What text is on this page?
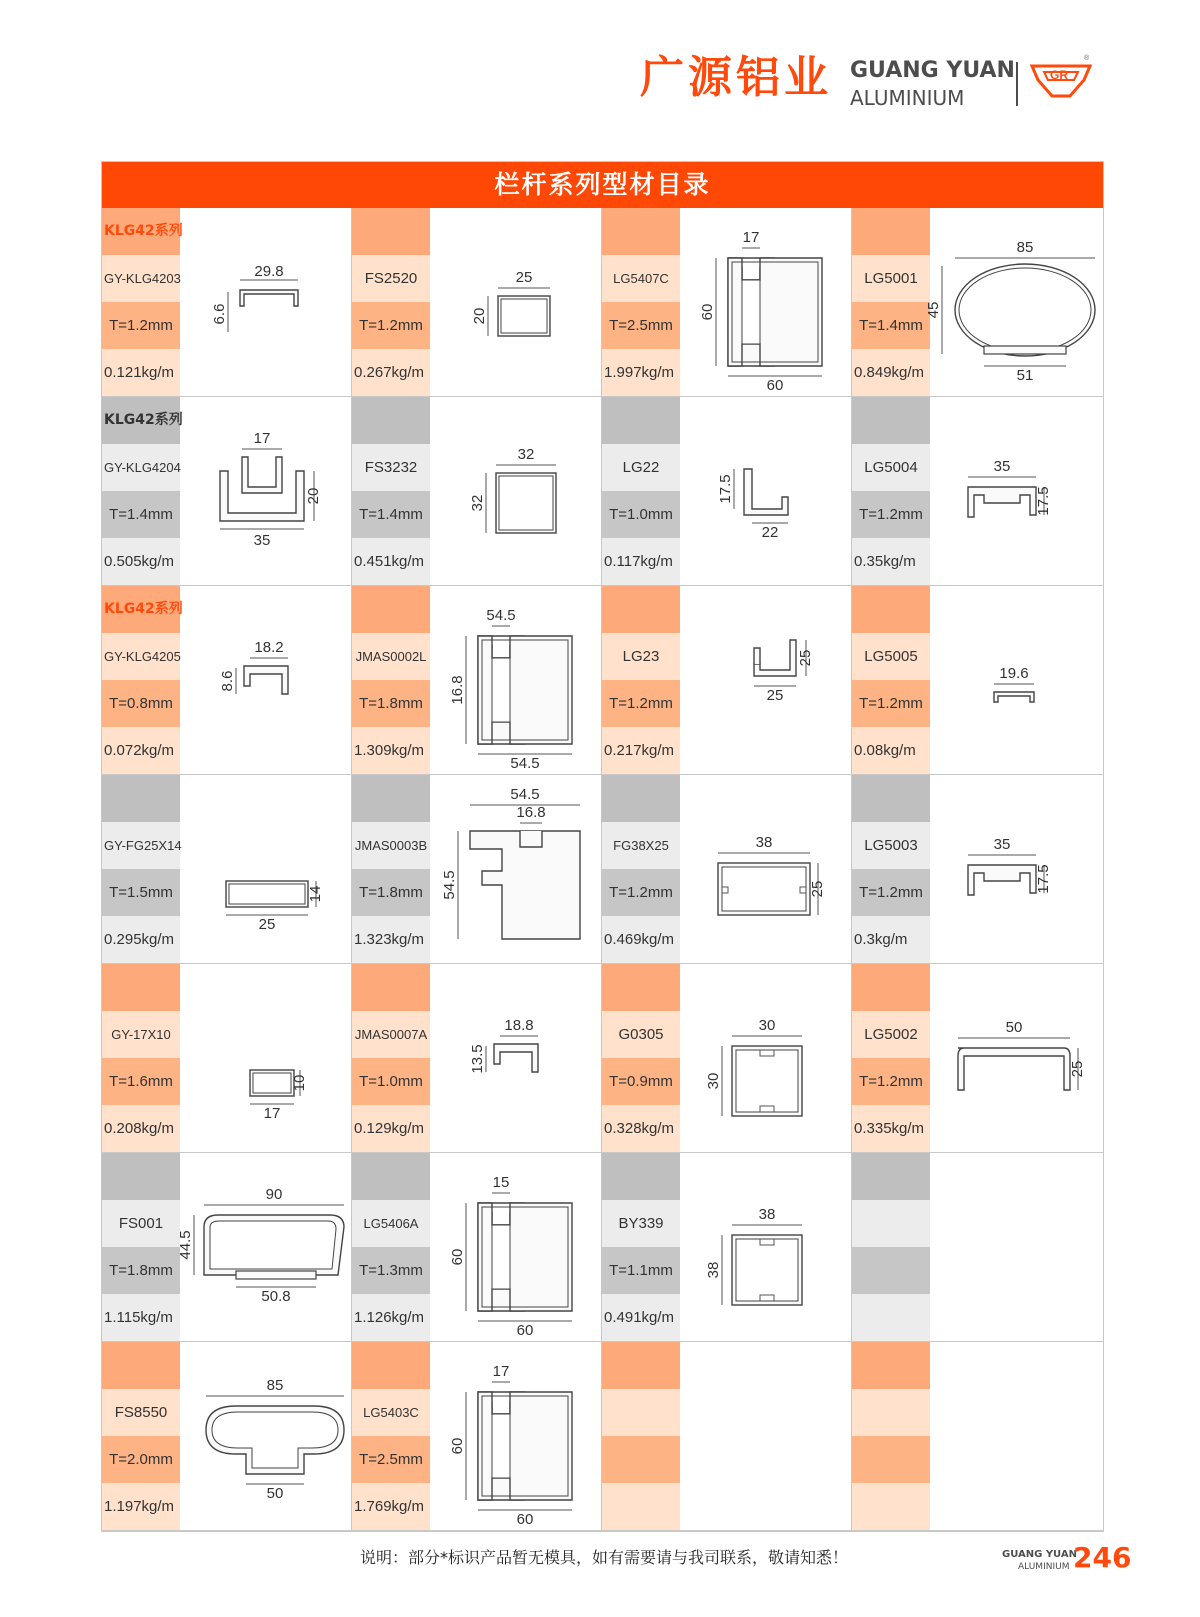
广源铝业 GUANG YUAN
ALUMINIUM
GR
®
栏杆系列型材目录
KLG42系列
GY-KLG4203
T=1.2mm
0.121kg/m
29.8
6.6
FS2520
T=1.2mm
0.267kg/m
25
20
LG5407C
T=2.5mm
1.997kg/m
17
60
60
LG5001
T=1.4mm
0.849kg/m
85
45
51
KLG42系列
GY-KLG4204
T=1.4mm
0.505kg/m
17
20
35
FS3232
T=1.4mm
0.451kg/m
32
32
LG22
T=1.0mm
0.117kg/m
17.5
22
LG5004
T=1.2mm
0.35kg/m
35
17.5
KLG42系列
GY-KLG4205
T=0.8mm
0.072kg/m
18.2
8.6
JMAS0002L
T=1.8mm
1.309kg/m
54.5
16.8
54.5
LG23
T=1.2mm
0.217kg/m
25
25
LG5005
T=1.2mm
0.08kg/m
19.6
GY-FG25X14
T=1.5mm
0.295kg/m
14
25
JMAS0003B
T=1.8mm
1.323kg/m
16.8
54.5
54.5
FG38X25
T=1.2mm
0.469kg/m
38
25
LG5003
T=1.2mm
0.3kg/m
35
17.5
GY-17X10
T=1.6mm
0.208kg/m
10
17
JMAS0007A
T=1.0mm
0.129kg/m
18.8
13.5
G0305
T=0.9mm
0.328kg/m
30
30
LG5002
T=1.2mm
0.335kg/m
50
25
FS001
T=1.8mm
1.115kg/m
90
44.5
50.8
LG5406A
T=1.3mm
1.126kg/m
15
60
60
BY339
T=1.1mm
0.491kg/m
38
38
FS8550
T=2.0mm
1.197kg/m
85
50
LG5403C
T=2.5mm
1.769kg/m
17
60
60
说明：部分*标识产品暂无模具，如有需要请与我司联系，敬请知悉！	GUANG YUAN
ALUMINIUM 246
